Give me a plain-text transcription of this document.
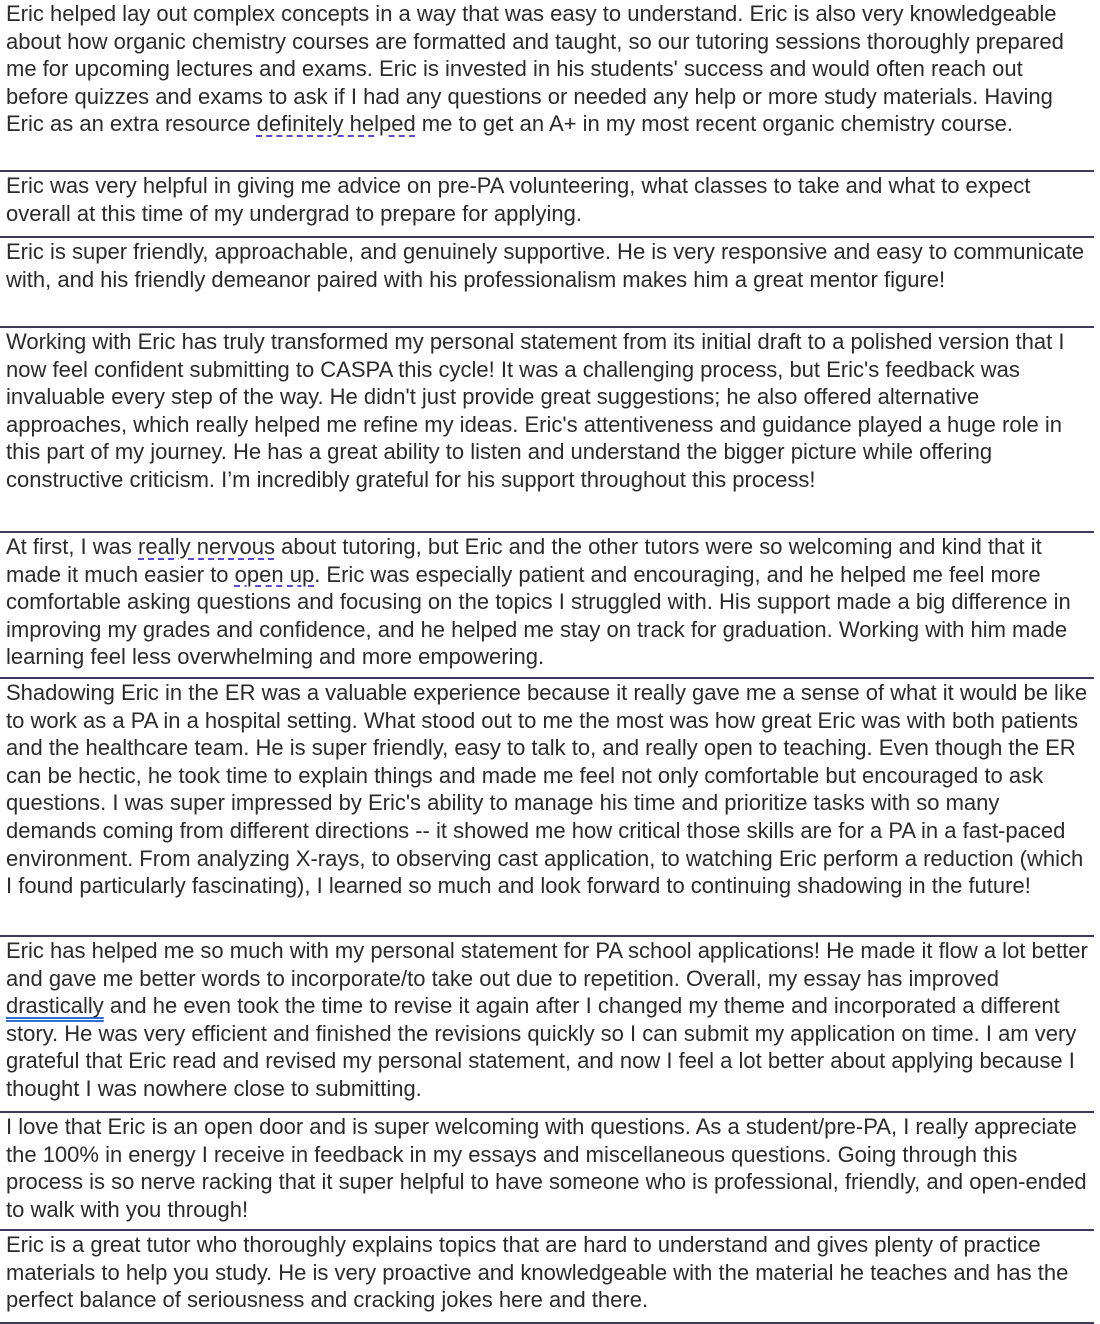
Eric helped lay out complex concepts in a way that was easy to understand. Eric is also very knowledgeable about how organic chemistry courses are formatted and taught, so our tutoring sessions thoroughly prepared me for upcoming lectures and exams. Eric is invested in his students' success and would often reach out before quizzes and exams to ask if I had any questions or needed any help or more study materials. Having Eric as an extra resource definitely helped me to get an A+ in my most recent organic chemistry course.
Eric was very helpful in giving me advice on pre-PA volunteering, what classes to take and what to expect overall at this time of my undergrad to prepare for applying.
Eric is super friendly, approachable, and genuinely supportive. He is very responsive and easy to communicate with, and his friendly demeanor paired with his professionalism makes him a great mentor figure!
Working with Eric has truly transformed my personal statement from its initial draft to a polished version that I now feel confident submitting to CASPA this cycle! It was a challenging process, but Eric's feedback was invaluable every step of the way. He didn't just provide great suggestions; he also offered alternative approaches, which really helped me refine my ideas. Eric's attentiveness and guidance played a huge role in this part of my journey. He has a great ability to listen and understand the bigger picture while offering constructive criticism. I’m incredibly grateful for his support throughout this process!
At first, I was really nervous about tutoring, but Eric and the other tutors were so welcoming and kind that it made it much easier to open up. Eric was especially patient and encouraging, and he helped me feel more comfortable asking questions and focusing on the topics I struggled with. His support made a big difference in improving my grades and confidence, and he helped me stay on track for graduation. Working with him made learning feel less overwhelming and more empowering.
Shadowing Eric in the ER was a valuable experience because it really gave me a sense of what it would be like to work as a PA in a hospital setting. What stood out to me the most was how great Eric was with both patients and the healthcare team. He is super friendly, easy to talk to, and really open to teaching. Even though the ER can be hectic, he took time to explain things and made me feel not only comfortable but encouraged to ask questions. I was super impressed by Eric's ability to manage his time and prioritize tasks with so many demands coming from different directions -- it showed me how critical those skills are for a PA in a fast-paced environment. From analyzing X-rays, to observing cast application, to watching Eric perform a reduction (which I found particularly fascinating), I learned so much and look forward to continuing shadowing in the future!
Eric has helped me so much with my personal statement for PA school applications! He made it flow a lot better and gave me better words to incorporate/to take out due to repetition. Overall, my essay has improved drastically and he even took the time to revise it again after I changed my theme and incorporated a different story. He was very efficient and finished the revisions quickly so I can submit my application on time. I am very grateful that Eric read and revised my personal statement, and now I feel a lot better about applying because I thought I was nowhere close to submitting.
I love that Eric is an open door and is super welcoming with questions. As a student/pre-PA, I really appreciate the 100% in energy I receive in feedback in my essays and miscellaneous questions. Going through this process is so nerve racking that it super helpful to have someone who is professional, friendly, and open-ended to walk with you through!
Eric is a great tutor who thoroughly explains topics that are hard to understand and gives plenty of practice materials to help you study. He is very proactive and knowledgeable with the material he teaches and has the perfect balance of seriousness and cracking jokes here and there.
